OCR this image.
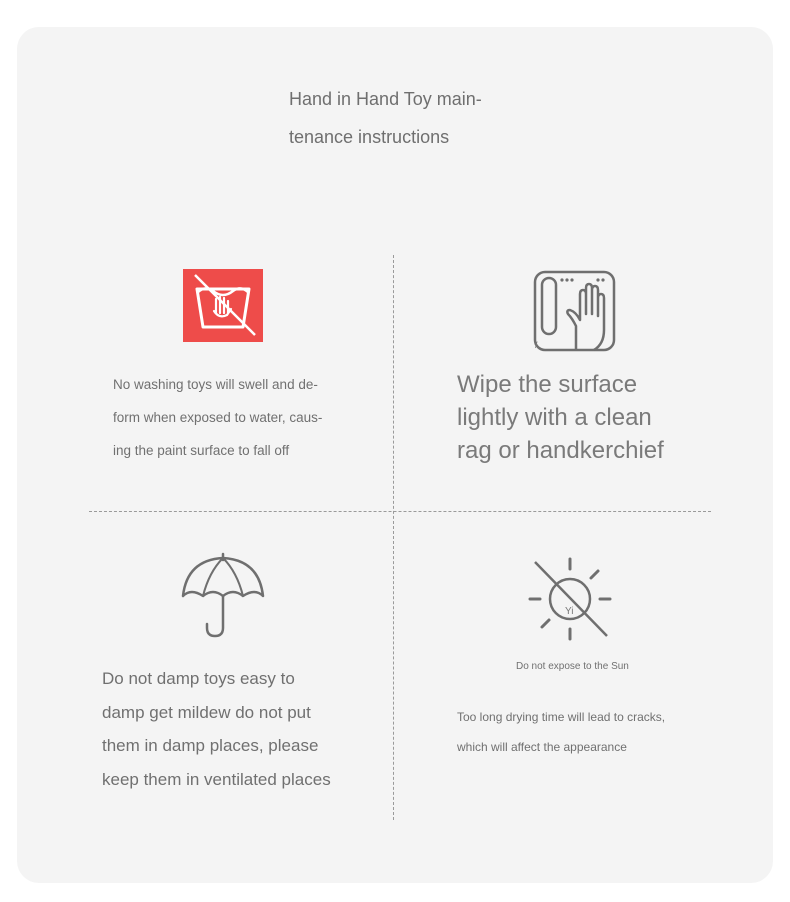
Hand in Hand Toy main-
tenance instructions
No washing toys will swell and de-
form when exposed to water, caus-
ing the paint surface to fall off
/.
Wipe the surface
lightly with a clean
rag or handkerchief
Do not damp toys easy to
damp get mildew do not put
them in damp places, please
keep them in ventilated places
Yi
Do not expose to the Sun
Too long drying time will lead to cracks,
which will affect the appearance
